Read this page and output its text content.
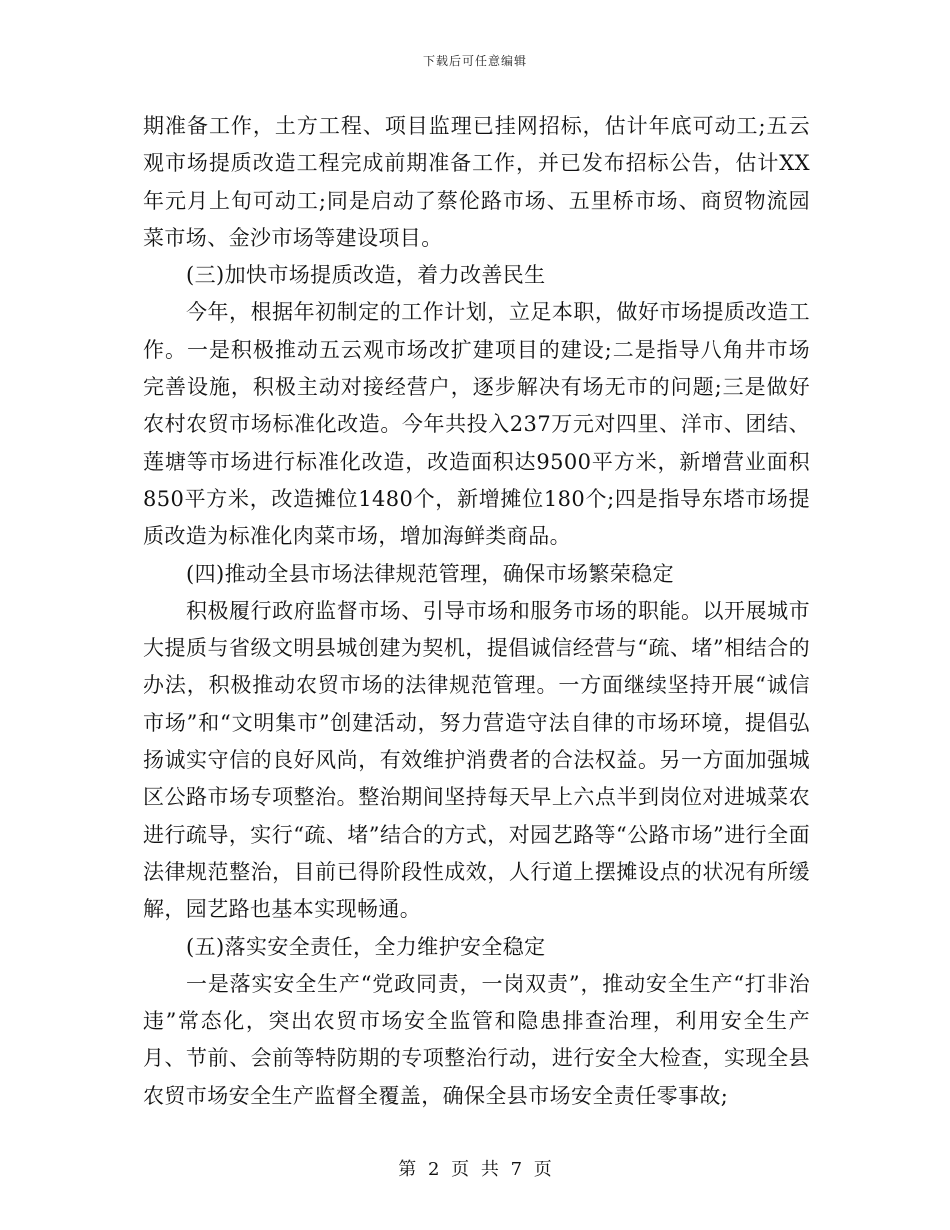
下载后可任意编辑

期准备工作，土方工程、项目监理已挂网招标，估计年底可动工;五云观市场提质改造工程完成前期准备工作，并已发布招标公告，估计XX年元月上旬可动工;同是启动了蔡伦路市场、五里桥市场、商贸物流园菜市场、金沙市场等建设项目。

(三)加快市场提质改造，着力改善民生

今年，根据年初制定的工作计划，立足本职，做好市场提质改造工作。一是积极推动五云观市场改扩建项目的建设;二是指导八角井市场完善设施，积极主动对接经营户，逐步解决有场无市的问题;三是做好农村农贸市场标准化改造。今年共投入237万元对四里、洋市、团结、莲塘等市场进行标准化改造，改造面积达9500平方米，新增营业面积850平方米，改造摊位1480个，新增摊位180个;四是指导东塔市场提质改造为标准化肉菜市场，增加海鲜类商品。

(四)推动全县市场法律规范管理，确保市场繁荣稳定

积极履行政府监督市场、引导市场和服务市场的职能。以开展城市大提质与省级文明县城创建为契机，提倡诚信经营与“疏、堵”相结合的办法，积极推动农贸市场的法律规范管理。一方面继续坚持开展“诚信市场”和“文明集市”创建活动，努力营造守法自律的市场环境，提倡弘扬诚实守信的良好风尚，有效维护消费者的合法权益。另一方面加强城区公路市场专项整治。整治期间坚持每天早上六点半到岗位对进城菜农进行疏导，实行“疏、堵”结合的方式，对园艺路等“公路市场”进行全面法律规范整治，目前已得阶段性成效，人行道上摆摊设点的状况有所缓解，园艺路也基本实现畅通。

(五)落实安全责任，全力维护安全稳定

一是落实安全生产“党政同责，一岗双责”，推动安全生产“打非治违”常态化，突出农贸市场安全监管和隐患排查治理，利用安全生产月、节前、会前等特防期的专项整治行动，进行安全大检查，实现全县农贸市场安全生产监督全覆盖，确保全县市场安全责任零事故;

第 2 页 共 7 页
